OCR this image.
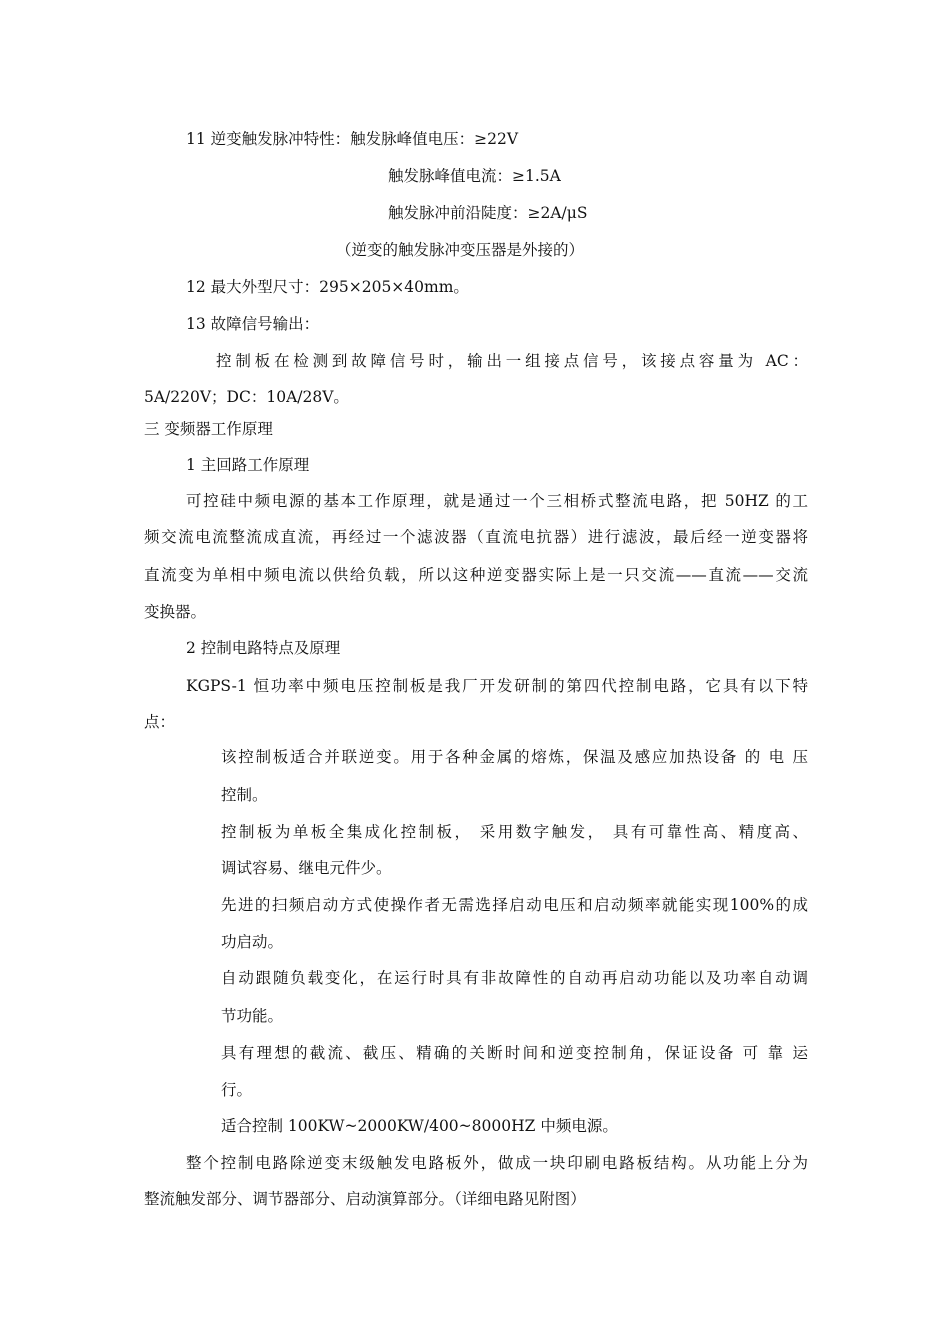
11 逆变触发脉冲特性：触发脉峰值电压：≥22V
触发脉峰值电流：≥1.5A
触发脉冲前沿陡度：≥2A/μS
（逆变的触发脉冲变压器是外接的）
12 最大外型尺寸：295×205×40mm。
13 故障信号输出：
控制板在检测到故障信号时，输出一组接点信号，该接点容量为 AC：
5A/220V；DC：10A/28V。
三 变频器工作原理
1 主回路工作原理
可控硅中频电源的基本工作原理，就是通过一个三相桥式整流电路，把 50HZ 的工
频交流电流整流成直流，再经过一个滤波器（直流电抗器）进行滤波，最后经一逆变器将
直流变为单相中频电流以供给负载，所以这种逆变器实际上是一只交流——直流——交流
变换器。
2 控制电路特点及原理
KGPS-1 恒功率中频电压控制板是我厂开发研制的第四代控制电路，它具有以下特
点：
该控制板适合并联逆变。用于各种金属的熔炼，保温及感应加热设备 的 电 压
控制。
控制板为单板全集成化控制板， 采用数字触发， 具有可靠性高、精度高、
调试容易、继电元件少。
先进的扫频启动方式使操作者无需选择启动电压和启动频率就能实现100%的成
功启动。
自动跟随负载变化，在运行时具有非故障性的自动再启动功能以及功率自动调
节功能。
具有理想的截流、截压、精确的关断时间和逆变控制角，保证设备 可 靠 运
行。
适合控制 100KW~2000KW/400~8000HZ 中频电源。
整个控制电路除逆变末级触发电路板外，做成一块印刷电路板结构。从功能上分为
整流触发部分、调节器部分、启动演算部分。（详细电路见附图）
